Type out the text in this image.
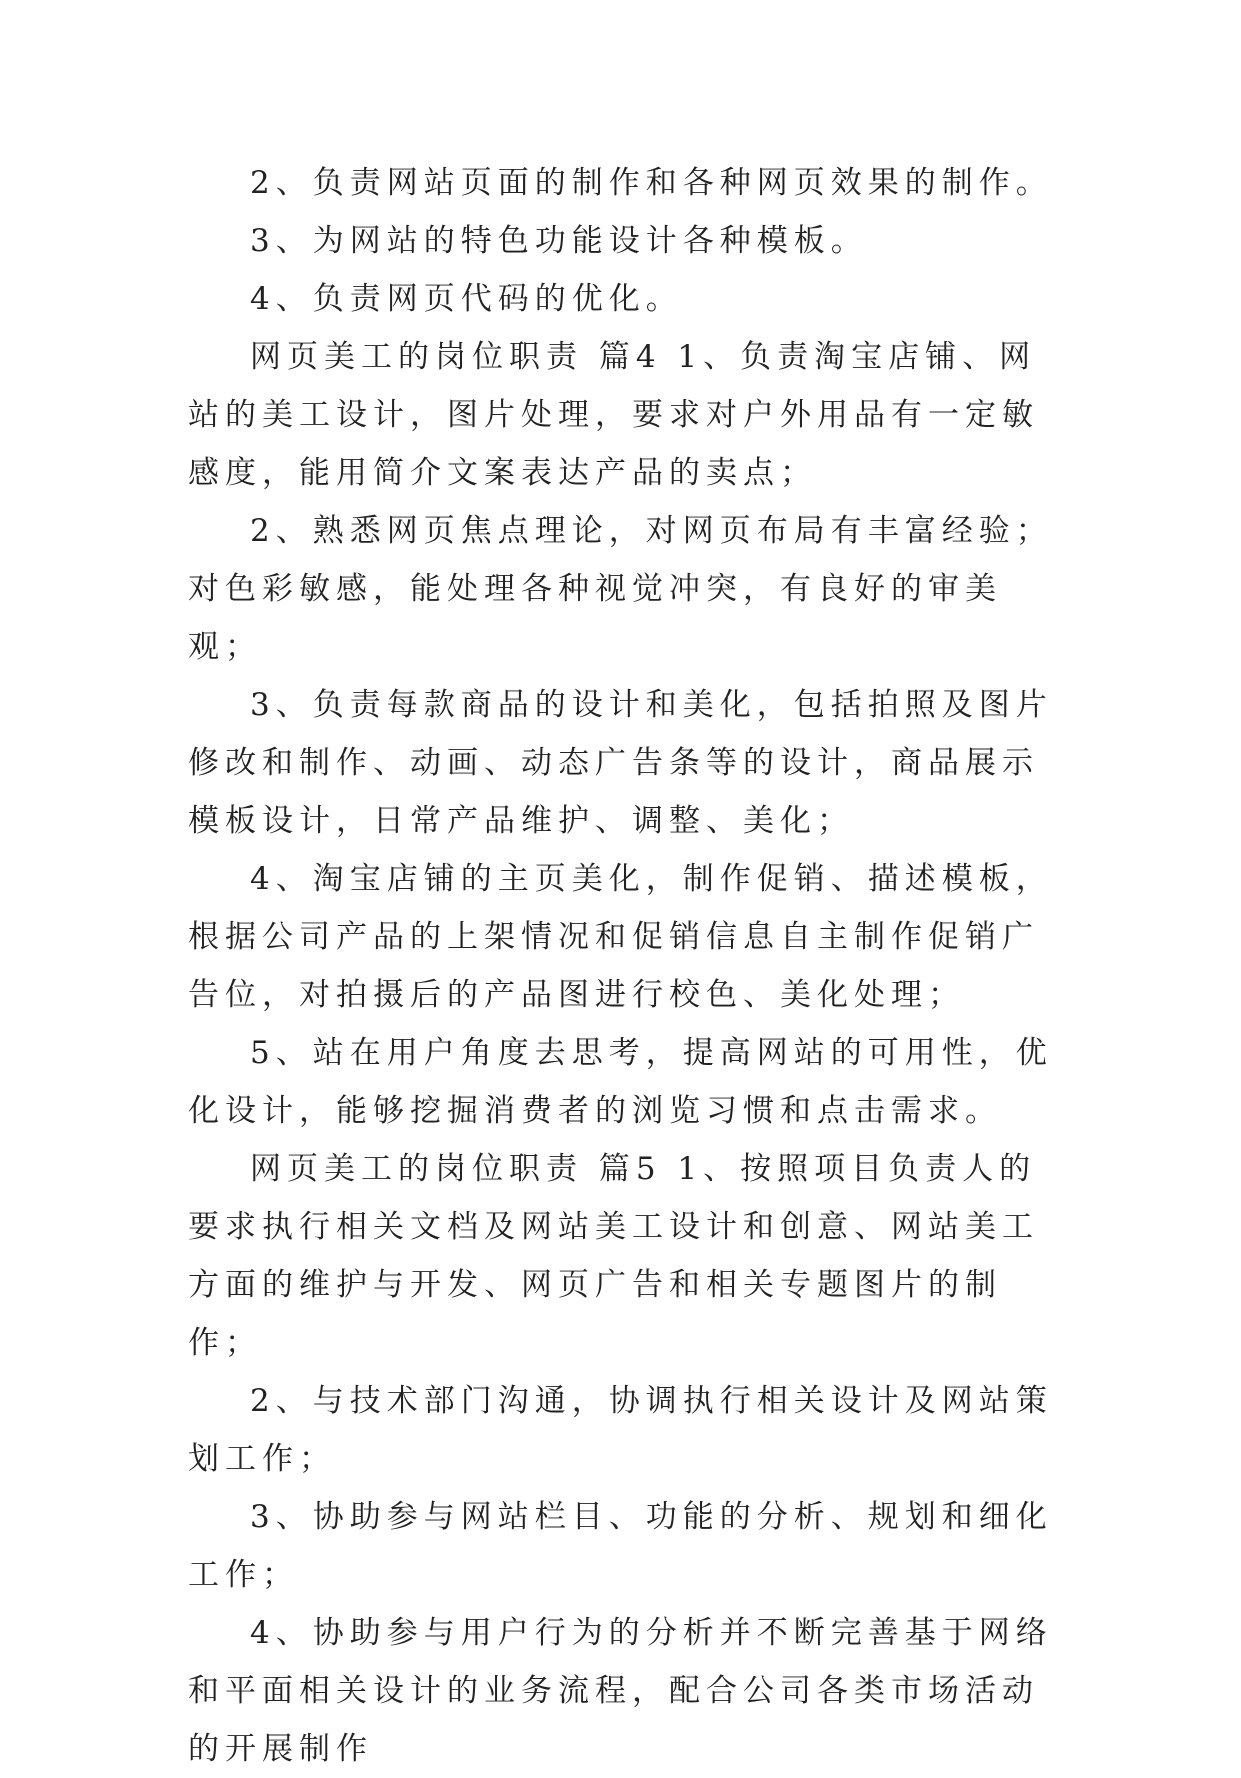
2、负责网站页面的制作和各种网页效果的制作。

3、为网站的特色功能设计各种模板。

4、负责网页代码的优化。

网页美工的岗位职责 篇4 1、负责淘宝店铺、网站的美工设计，图片处理，要求对户外用品有一定敏感度，能用简介文案表达产品的卖点；

2、熟悉网页焦点理论，对网页布局有丰富经验；对色彩敏感，能处理各种视觉冲突，有良好的审美观；

3、负责每款商品的设计和美化，包括拍照及图片修改和制作、动画、动态广告条等的设计，商品展示模板设计，日常产品维护、调整、美化；

4、淘宝店铺的主页美化，制作促销、描述模板，根据公司产品的上架情况和促销信息自主制作促销广告位，对拍摄后的产品图进行校色、美化处理；

5、站在用户角度去思考，提高网站的可用性，优化设计，能够挖掘消费者的浏览习惯和点击需求。

网页美工的岗位职责 篇5 1、按照项目负责人的要求执行相关文档及网站美工设计和创意、网站美工方面的维护与开发、网页广告和相关专题图片的制作；

2、与技术部门沟通，协调执行相关设计及网站策划工作；

3、协助参与网站栏目、功能的分析、规划和细化工作；

4、协助参与用户行为的分析并不断完善基于网络和平面相关设计的业务流程，配合公司各类市场活动的开展制作
